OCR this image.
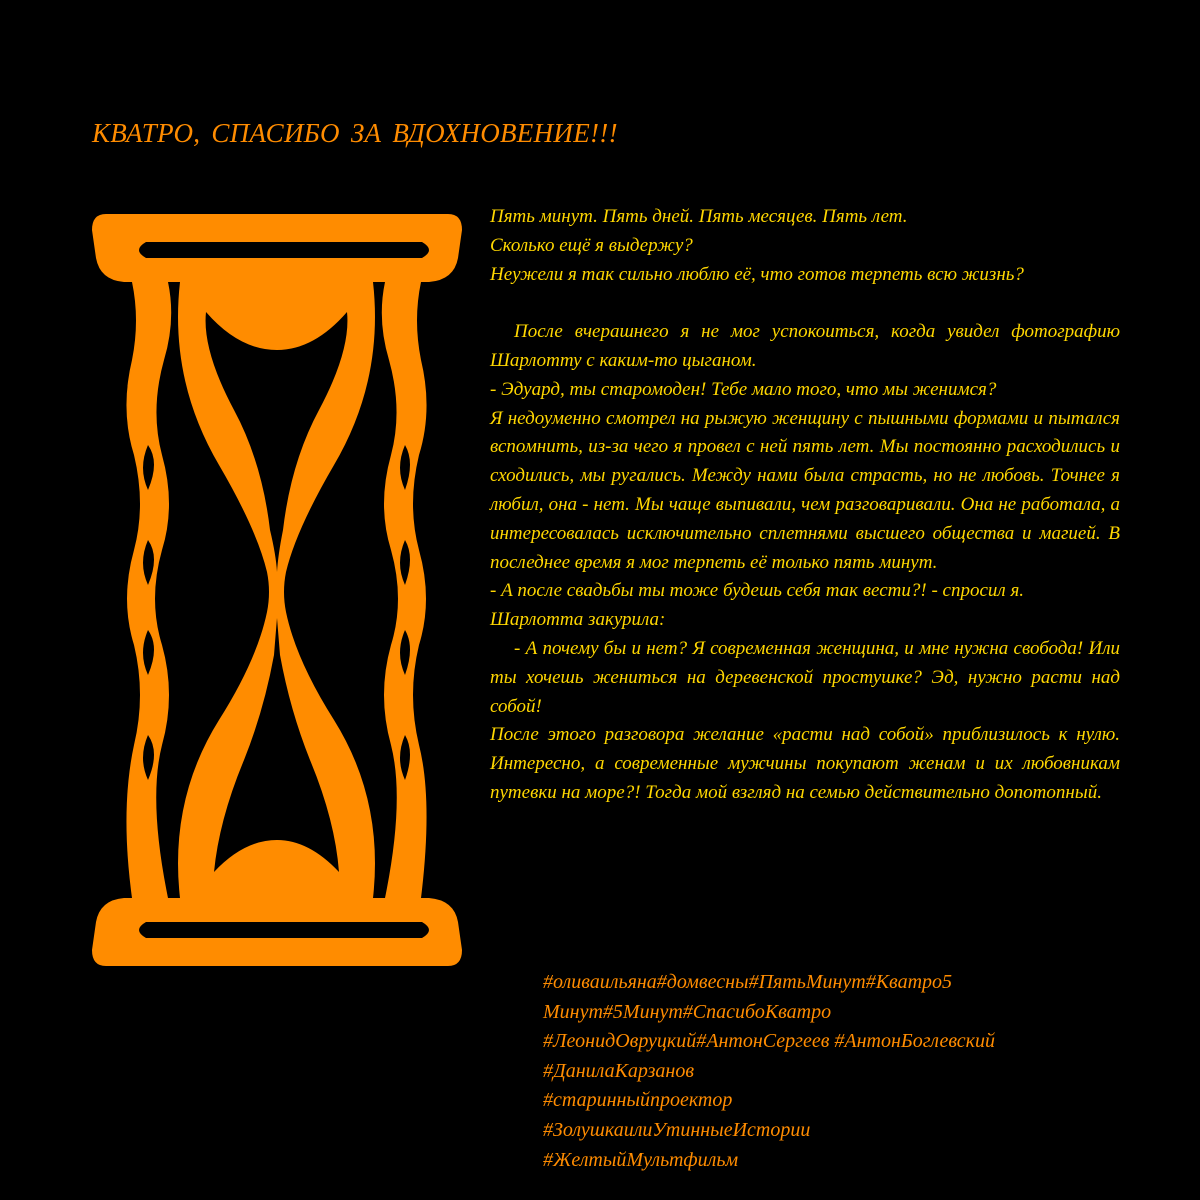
КВАТРО, СПАСИБО ЗА ВДОХНОВЕНИЕ!!!

Пять минут. Пять дней. Пять месяцев. Пять лет.

Сколько ещё я выдержу?

Неужели я так сильно люблю её, что готов терпеть всю жизнь?

После вчерашнего я не мог успокоиться, когда увидел фотографию Шарлотту с каким-то цыганом.

- Эдуард, ты старомоден! Тебе мало того, что мы женимся?

Я недоуменно смотрел на рыжую женщину с пышными формами и пытался вспомнить, из-за чего я провел с ней пять лет. Мы постоянно расходились и сходились, мы ругались. Между нами была страсть, но не любовь. Точнее я любил, она - нет. Мы чаще выпивали, чем разговаривали. Она не работала, а интересовалась исключительно сплетнями высшего общества и магией. В последнее время я мог терпеть её только пять минут.

- А после свадьбы ты тоже будешь себя так вести?! - спросил я.

Шарлотта закурила:

- А почему бы и нет? Я современная женщина, и мне нужна свобода! Или ты хочешь жениться на деревенской простушке? Эд, нужно расти над собой!

После этого разговора желание «расти над собой» приблизилось к нулю. Интересно, а современные мужчины покупают женам и их любовникам путевки на море?! Тогда мой взгляд на семью действительно допотопный.

#оливаильяна#домвесны#ПятьМинут#Кватро5
Минут#5Минут#СпасибоКватро
#ЛеонидОвруцкий#АнтонСергеев #АнтонБоглевский
#ДанилаКарзанов
#старинныйпроектор
#ЗолушкаилиУтинныеИстории
#ЖелтыйМультфильм
